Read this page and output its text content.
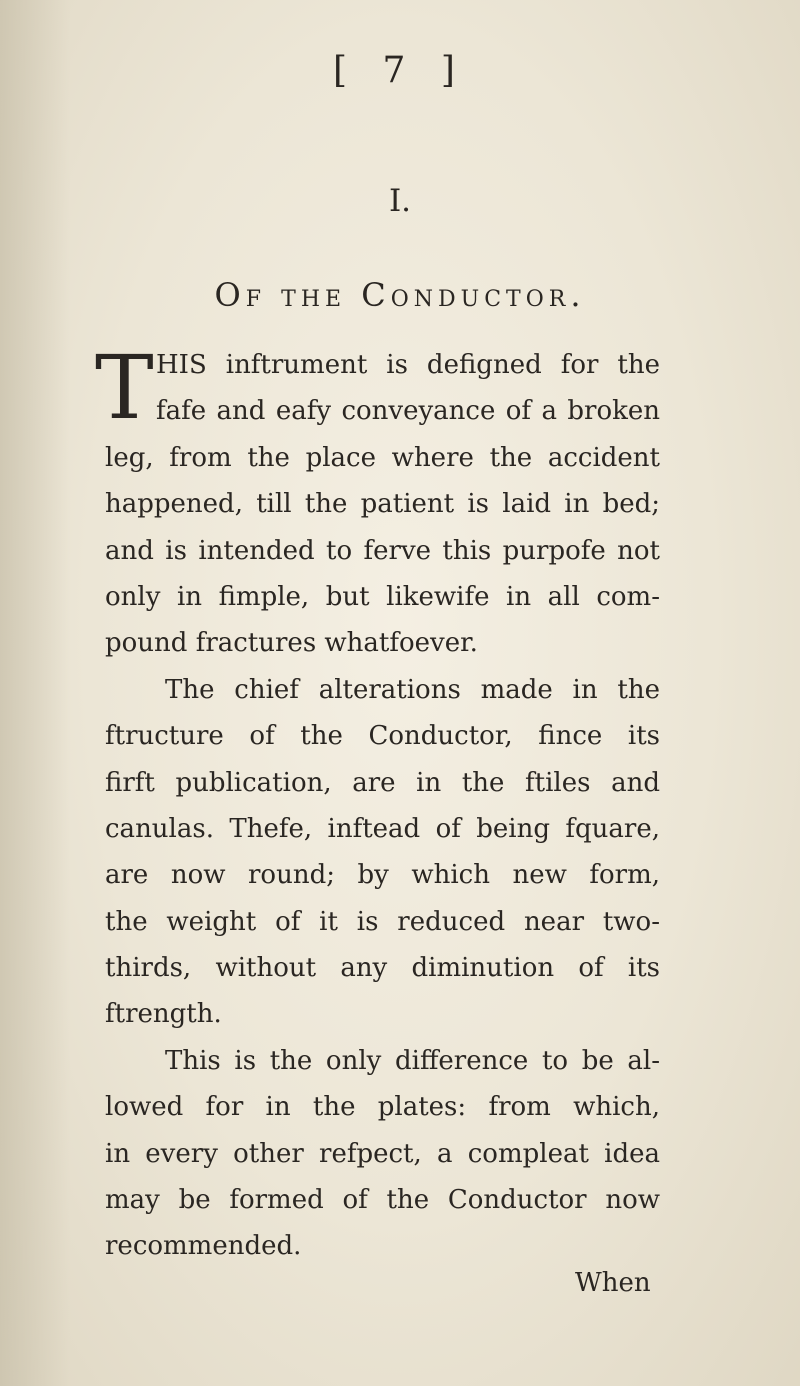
[ 7 ]
I.
Of the Conductor.
T HIS inftrument is defigned for the
fafe and eafy conveyance of a broken
leg, from the place where the accident
happened, till the patient is laid in bed;
and is intended to ferve this purpofe not
only in fimple, but likewife in all com-
pound fractures whatfoever.
The chief alterations made in the
ftructure of the Conductor, fince its
firft publication, are in the ftiles and
canulas. Thefe, inftead of being fquare,
are now round; by which new form,
the weight of it is reduced near two-
thirds, without any diminution of its
ftrength.
This is the only difference to be al-
lowed for in the plates: from which,
in every other refpect, a compleat idea
may be formed of the Conductor now
recommended.
When
